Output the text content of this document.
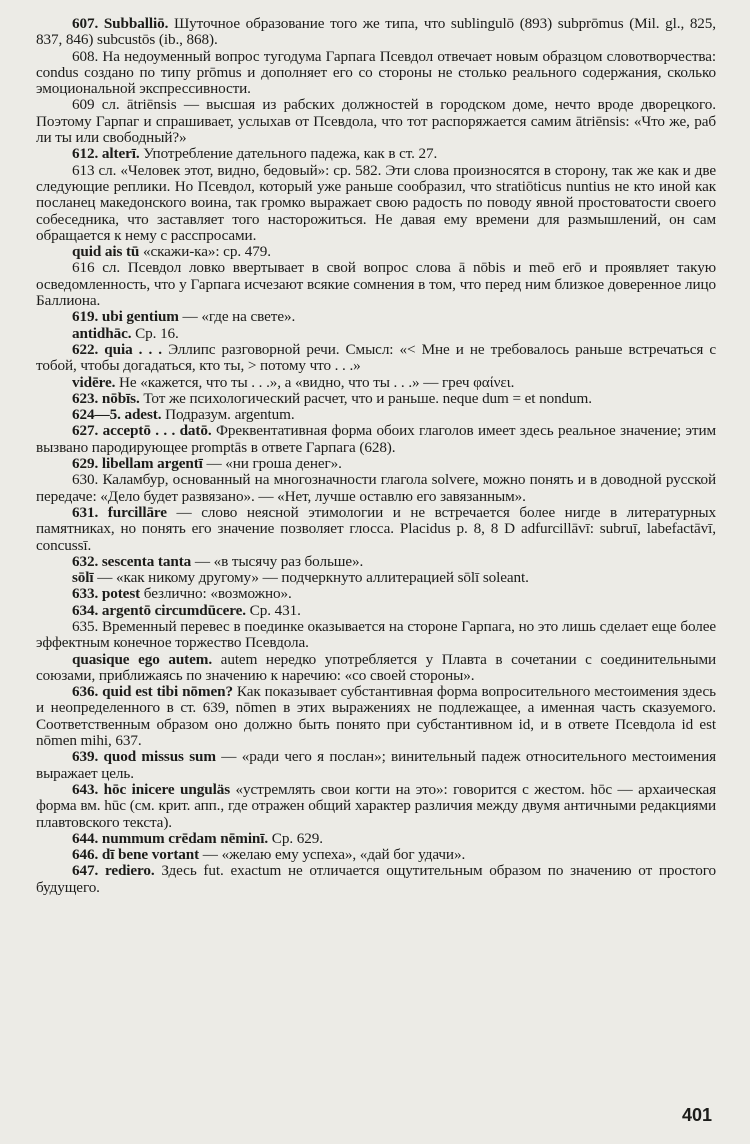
607. Subballiō. Шуточное образование того же типа, что sublingulō (893) subprōmus (Mil. gl., 825, 837, 846) subcustōs (ib., 868).

608. На недоуменный вопрос тугодума Гарпага Псевдол отвечает новым образцом словотворчества: condus создано по типу prōmus и дополняет его со стороны не столько реального содержания, сколько эмоциональной экспрессивности.

609 сл. ātriēnsis — высшая из рабских должностей в городском доме, нечто вроде дворецкого. Поэтому Гарпаг и спрашивает, услыхав от Псевдола, что тот распоряжается самим ātriēnsis: «Что же, раб ли ты или свободный?»

612. alterī. Употребление дательного падежа, как в ст. 27.

613 сл. «Человек этот, видно, бедовый»: ср. 582. Эти слова произносятся в сторону, так же как и две следующие реплики. Но Псевдол, который уже раньше сообразил, что stratiōticus nuntius не кто иной как посланец македонского воина, так громко выражает свою радость по поводу явной простоватости своего собеседника, что заставляет того насторожиться. Не давая ему времени для размышлений, он сам обращается к нему с расспросами.

quid ais tū «скажи-ка»: ср. 479.

616 сл. Псевдол ловко ввертывает в свой вопрос слова ā nōbis и meō erō и проявляет такую осведомленность, что у Гарпага исчезают всякие сомнения в том, что перед ним близкое доверенное лицо Баллиона.

619. ubi gentium — «где на свете».

antidhāc. Ср. 16.

622. quia . . . Эллипс разговорной речи. Смысл: «< Мне и не требовалось раньше встречаться с тобой, чтобы догадаться, кто ты, > потому что . . .»

vidēre. Не «кажется, что ты . . .», а «видно, что ты . . .» — греч φαίνει.

623. nōbīs. Тот же психологический расчет, что и раньше. neque dum = et nondum.

624—5. adest. Подразум. argentum.

627. acceptō . . . datō. Фреквентативная форма обоих глаголов имеет здесь реальное значение; этим вызвано пародирующее promptās в ответе Гарпага (628).

629. libellam argentī — «ни гроша денег».

630. Каламбур, основанный на многозначности глагола solvere, можно понять и в доводной русской передаче: «Дело будет развязано». — «Нет, лучше оставлю его завязанным».

631. furcillāre — слово неясной этимологии и не встречается более нигде в литературных памятниках, но понять его значение позволяет глосса. Placidus p. 8, 8 D adfurcillāvī: subruī, labefactāvī, concussī.

632. sescenta tanta — «в тысячу раз больше».

sōlī — «как никому другому» — подчеркнуто аллитерацией sōlī soleant.

633. potest безлично: «возможно».

634. argentō circumdūcere. Ср. 431.

635. Временный перевес в поединке оказывается на стороне Гарпага, но это лишь сделает еще более эффектным конечное торжество Псевдола.

quasique ego autem. autem нередко употребляется у Плавта в сочетании с соединительными союзами, приближаясь по значению к наречию: «со своей стороны».

636. quid est tibi nōmen? Как показывает субстантивная форма вопросительного местоимения здесь и неопределенного в ст. 639, nōmen в этих выражениях не подлежащее, а именная часть сказуемого. Соответственным образом оно должно быть понято при субстантивном id, и в ответе Псевдола id est nōmen mihi, 637.

639. quod missus sum — «ради чего я послан»; винительный падеж относительного местоимения выражает цель.

643. hōc inicere unguläs «устремлять свои когти на это»: говорится с жестом. hōc — архаическая форма вм. hūc (см. крит. апп., где отражен общий характер различия между двумя античными редакциями плавтовского текста).

644. nummum crēdam nēminī. Ср. 629.

646. dī bene vortant — «желаю ему успеха», «дай бог удачи».

647. rediero. Здесь fut. exactum не отличается ощутительным образом по значению от простого будущего.

401
